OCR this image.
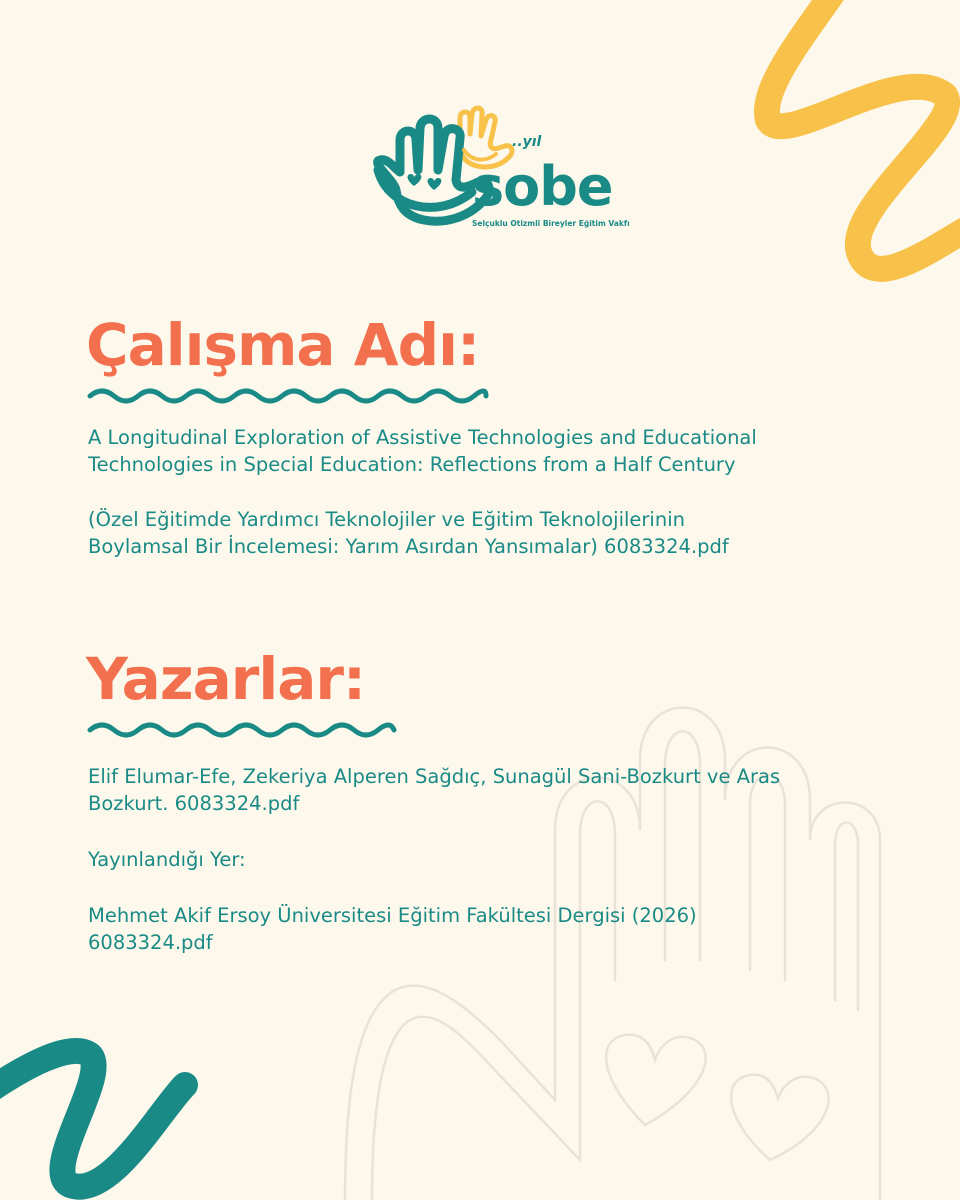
..yıl
sobe
Selçuklu Otizmli Bireyler Eğitim Vakfı
Çalışma Adı:

A Longitudinal Exploration of Assistive Technologies and Educational

Technologies in Special Education: Reflections from a Half Century

(Özel Eğitimde Yardımcı Teknolojiler ve Eğitim Teknolojilerinin

Boylamsal Bir İncelemesi: Yarım Asırdan Yansımalar) 6083324.pdf

Yazarlar:

Elif Elumar-Efe, Zekeriya Alperen Sağdıç, Sunagül Sani-Bozkurt ve Aras

Bozkurt. 6083324.pdf

Yayınlandığı Yer:

Mehmet Akif Ersoy Üniversitesi Eğitim Fakültesi Dergisi (2026)

6083324.pdf
